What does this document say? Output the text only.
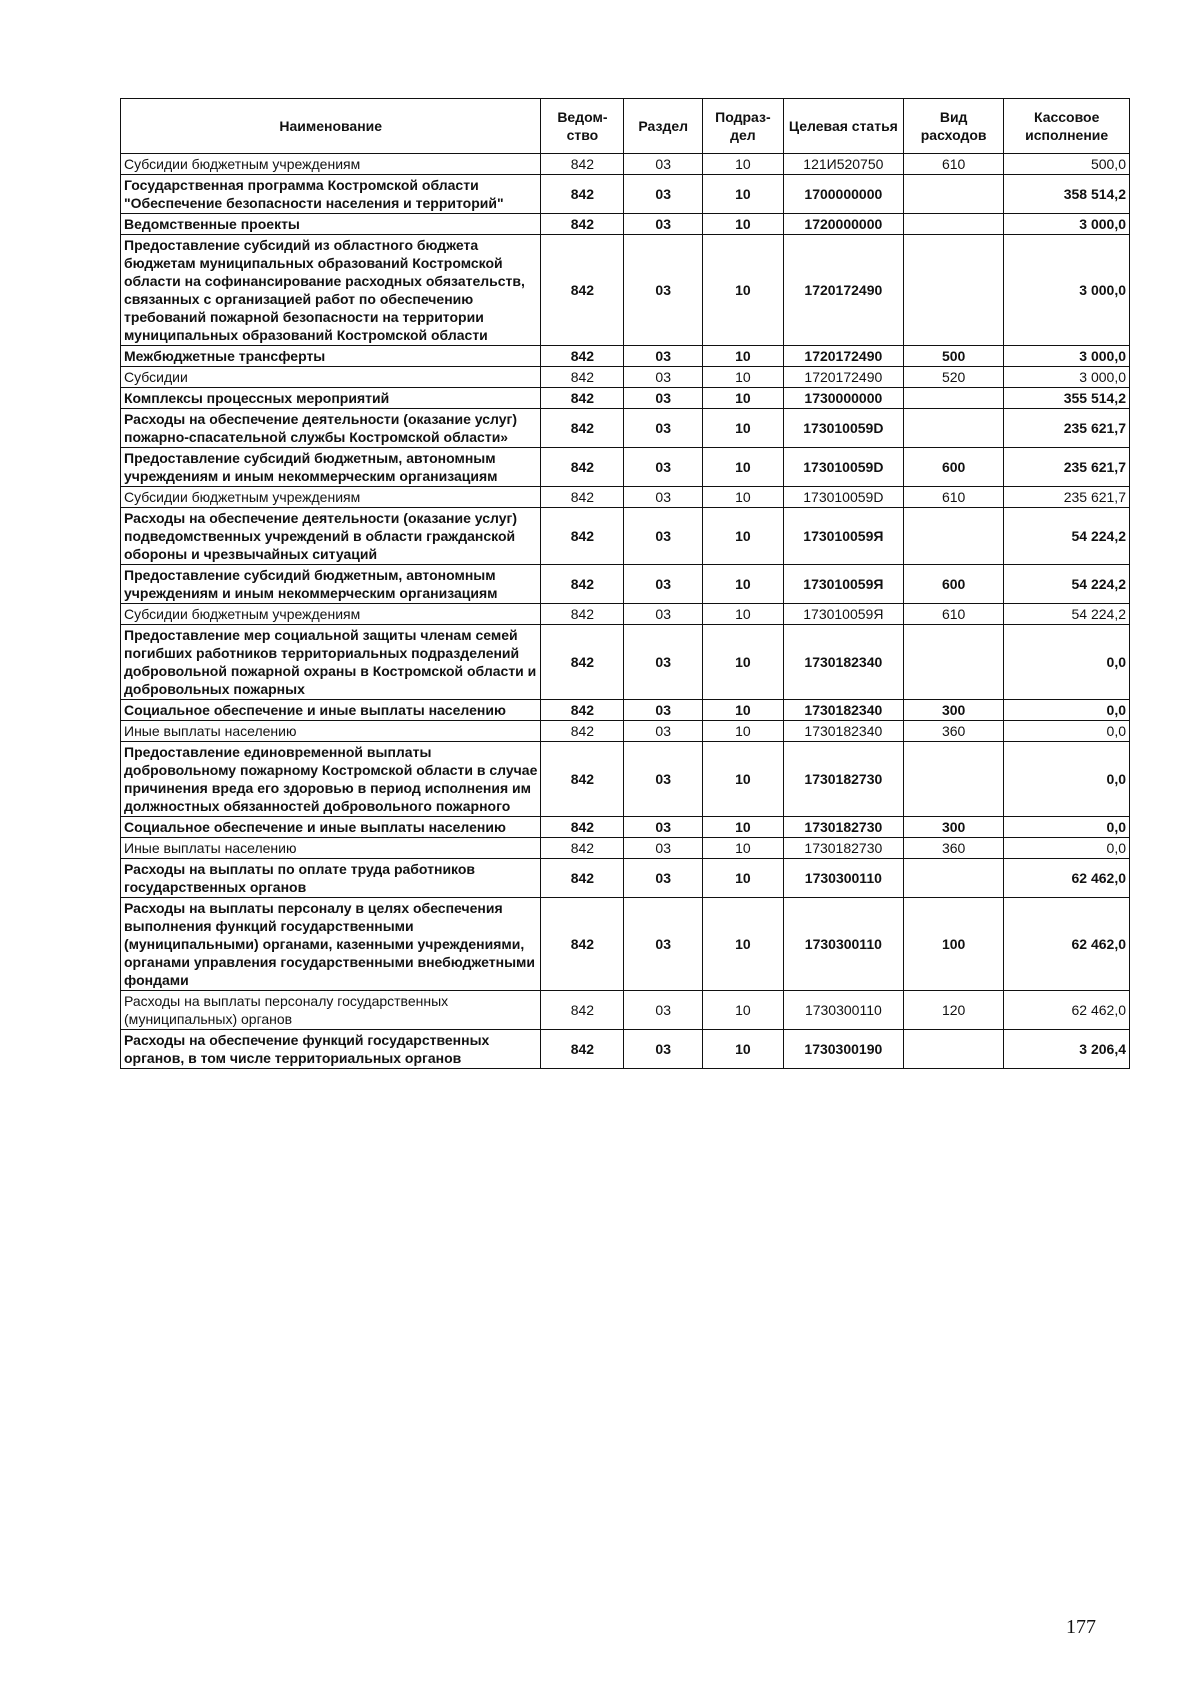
Наименование	Ведом-ство	Раздел	Подраз-дел	Целевая статья	Вид расходов	Кассовое исполнение
Субсидии бюджетным учреждениям	842	03	10	121И520750	610	500,0
Государственная программа Костромской области "Обеспечение безопасности населения и территорий"	842	03	10	1700000000		358 514,2
Ведомственные проекты	842	03	10	1720000000		3 000,0
Предоставление субсидий из областного бюджета бюджетам муниципальных образований Костромской области на софинансирование расходных обязательств, связанных с организацией работ по обеспечению требований пожарной безопасности на территории муниципальных образований Костромской области	842	03	10	1720172490		3 000,0
Межбюджетные трансферты	842	03	10	1720172490	500	3 000,0
Субсидии	842	03	10	1720172490	520	3 000,0
Комплексы процессных мероприятий	842	03	10	1730000000		355 514,2
Расходы на обеспечение деятельности (оказание услуг) пожарно-спасательной службы Костромской области»	842	03	10	173010059D		235 621,7
Предоставление субсидий бюджетным, автономным учреждениям и иным некоммерческим организациям	842	03	10	173010059D	600	235 621,7
Субсидии бюджетным учреждениям	842	03	10	173010059D	610	235 621,7
Расходы на обеспечение деятельности (оказание услуг) подведомственных учреждений в области гражданской обороны и чрезвычайных ситуаций	842	03	10	173010059Я		54 224,2
Предоставление субсидий бюджетным, автономным учреждениям и иным некоммерческим организациям	842	03	10	173010059Я	600	54 224,2
Субсидии бюджетным учреждениям	842	03	10	173010059Я	610	54 224,2
Предоставление мер социальной защиты членам семей погибших работников территориальных подразделений добровольной пожарной охраны в Костромской области и добровольных пожарных	842	03	10	1730182340		0,0
Социальное обеспечение и иные выплаты населению	842	03	10	1730182340	300	0,0
Иные выплаты населению	842	03	10	1730182340	360	0,0
Предоставление единовременной выплаты добровольному пожарному Костромской области в случае причинения вреда его здоровью в период исполнения им должностных обязанностей добровольного пожарного	842	03	10	1730182730		0,0
Социальное обеспечение и иные выплаты населению	842	03	10	1730182730	300	0,0
Иные выплаты населению	842	03	10	1730182730	360	0,0
Расходы на выплаты по оплате труда работников государственных органов	842	03	10	1730300110		62 462,0
Расходы на выплаты персоналу в целях обеспечения выполнения функций государственными (муниципальными) органами, казенными учреждениями, органами управления государственными внебюджетными фондами	842	03	10	1730300110	100	62 462,0
Расходы на выплаты персоналу государственных (муниципальных) органов	842	03	10	1730300110	120	62 462,0
Расходы на обеспечение функций государственных органов, в том числе территориальных органов	842	03	10	1730300190		3 206,4
177
